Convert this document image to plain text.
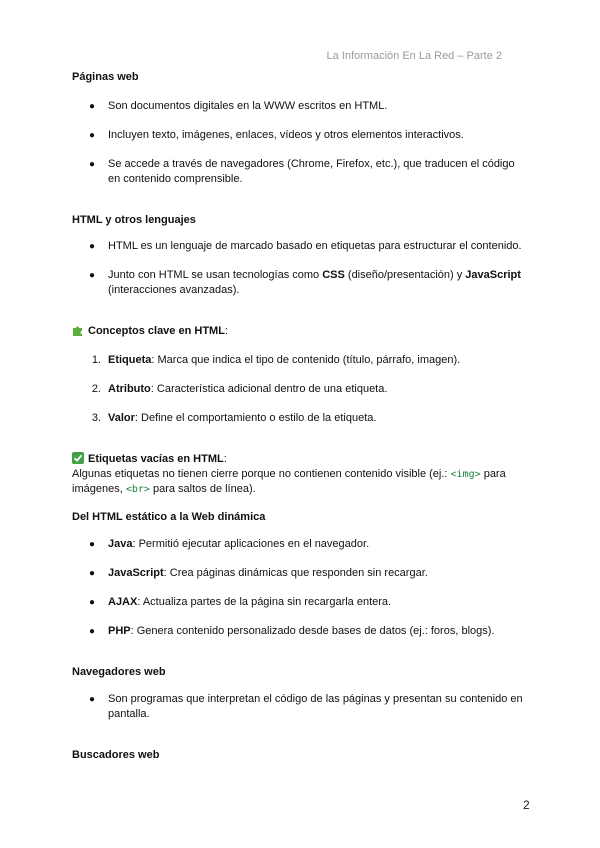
La Información En La Red – Parte 2
Páginas web
● Son documentos digitales en la WWW escritos en HTML.
● Incluyen texto, imágenes, enlaces, vídeos y otros elementos interactivos.
● Se accede a través de navegadores (Chrome, Firefox, etc.), que traducen el código en contenido comprensible.
HTML y otros lenguajes
● HTML es un lenguaje de marcado basado en etiquetas para estructurar el contenido.
● Junto con HTML se usan tecnologías como CSS (diseño/presentación) y JavaScript (interacciones avanzadas).
Conceptos clave en HTML:
1. Etiqueta: Marca que indica el tipo de contenido (título, párrafo, imagen).
2. Atributo: Característica adicional dentro de una etiqueta.
3. Valor: Define el comportamiento o estilo de la etiqueta.
Etiquetas vacías en HTML:

Algunas etiquetas no tienen cierre porque no contienen contenido visible (ej.: <img> para imágenes, <br> para saltos de línea).

Del HTML estático a la Web dinámica
● Java: Permitió ejecutar aplicaciones en el navegador.
● JavaScript: Crea páginas dinámicas que responden sin recargar.
● AJAX: Actualiza partes de la página sin recargarla entera.
● PHP: Genera contenido personalizado desde bases de datos (ej.: foros, blogs).
Navegadores web
● Son programas que interpretan el código de las páginas y presentan su contenido en pantalla.
Buscadores web
2
